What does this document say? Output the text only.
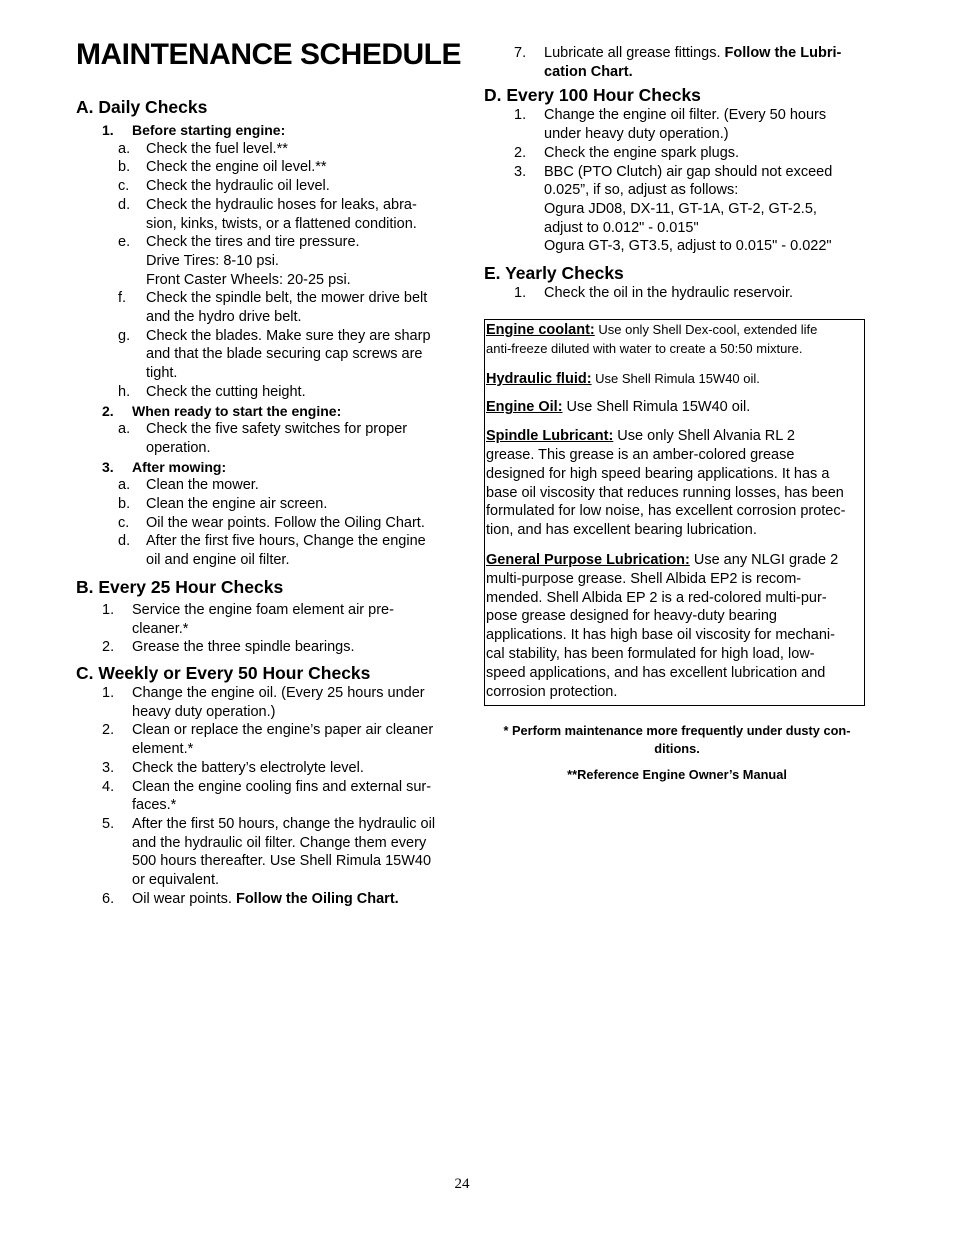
MAINTENANCE SCHEDULE
A. Daily Checks
1.	Before starting engine:
a.	Check the fuel level.**
b.	Check the engine oil level.**
c.	Check the hydraulic oil level.
d.	Check the hydraulic hoses for leaks, abra-
sion, kinks, twists, or a flattened condition.
e.	Check the tires and tire pressure.
Drive Tires: 8-10 psi.
Front Caster Wheels: 20-25 psi.
f.	Check the spindle belt, the mower drive belt
and the hydro drive belt.
g.	Check the blades. Make sure they are sharp
and that the blade securing cap screws are
tight.
h.	Check the cutting height.
2.	When ready to start the engine:
a.	Check the five safety switches for proper
operation.
3.	After mowing:
a.	Clean the mower.
b.	Clean the engine air screen.
c.	Oil the wear points. Follow the Oiling Chart.
d.	After the first five hours, Change the engine
oil and engine oil filter.
B. Every 25 Hour Checks
1.	Service the engine foam element air pre-
cleaner.*
2.	Grease the three spindle bearings.
C. Weekly or Every 50 Hour Checks
1.	Change the engine oil. (Every 25 hours under
heavy duty operation.)
2.	Clean or replace the engine’s paper air cleaner
element.*
3.	Check the battery’s electrolyte level.
4.	Clean the engine cooling fins and external sur-
faces.*
5.	After the first 50 hours, change the hydraulic oil
and the hydraulic oil filter. Change them every
500 hours thereafter. Use Shell Rimula 15W40
or equivalent.
6.	Oil wear points. Follow the Oiling Chart.
7.	Lubricate all grease fittings. Follow the Lubri-
cation Chart.
D. Every 100 Hour Checks
1.	Change the engine oil filter. (Every 50 hours
under heavy duty operation.)
2.	Check the engine spark plugs.
3.	BBC (PTO Clutch) air gap should not exceed
0.025”, if so, adjust as follows:
Ogura JD08, DX-11, GT-1A, GT-2, GT-2.5,
adjust to 0.012" - 0.015"
Ogura GT-3, GT3.5, adjust to 0.015" - 0.022"
E. Yearly Checks
1.	Check the oil in the hydraulic reservoir.

Engine coolant: Use only Shell Dex-cool, extended life
anti-freeze diluted with water to create a 50:50 mixture.

Hydraulic fluid: Use Shell Rimula 15W40 oil.

Engine Oil: Use Shell Rimula 15W40 oil.

Spindle Lubricant: Use only Shell Alvania RL 2
grease. This grease is an amber-colored grease
designed for high speed bearing applications. It has a
base oil viscosity that reduces running losses, has been
formulated for low noise, has excellent corrosion protec-
tion, and has excellent bearing lubrication.

General Purpose Lubrication: Use any NLGI grade 2
multi-purpose grease. Shell Albida EP2 is recom-
mended. Shell Albida EP 2 is a red-colored multi-pur-
pose grease designed for heavy-duty bearing
applications. It has high base oil viscosity for mechani-
cal stability, has been formulated for high load, low-
speed applications, and has excellent lubrication and
corrosion protection.

* Perform maintenance more frequently under dusty con-
ditions.
**Reference Engine Owner’s Manual
24
